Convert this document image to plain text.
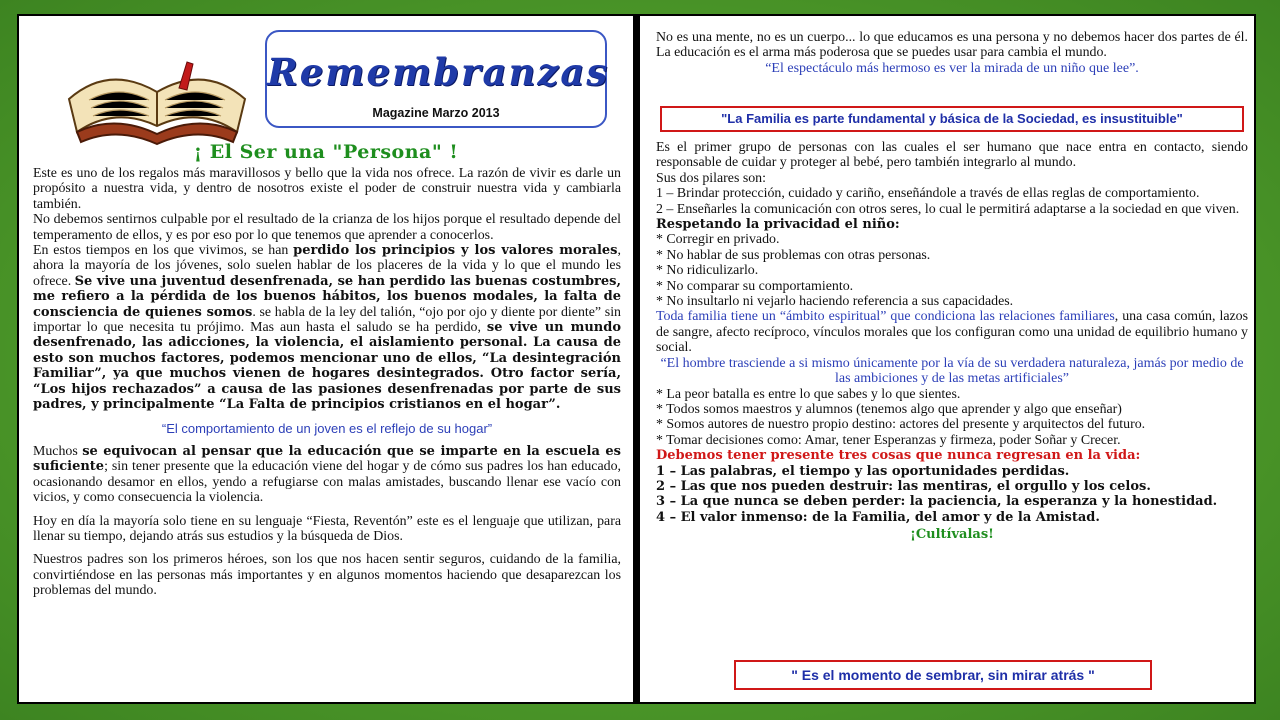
Remembranzas
Magazine Marzo 2013
¡ El Ser una "Persona" !

Este es uno de los regalos más maravillosos y bello que la vida nos ofrece. La razón de vivir es darle un propósito a nuestra vida, y dentro de nosotros existe el poder de construir nuestra vida y cambiarla también.

No debemos sentirnos culpable por el resultado de la crianza de los hijos porque el resultado depende del temperamento de ellos, y es por eso por lo que tenemos que aprender a conocerlos.

En estos tiempos en los que vivimos, se han perdido los principios y los valores morales, ahora la mayoría de los jóvenes, solo suelen hablar de los placeres de la vida y lo que el mundo les ofrece. Se vive una juventud desenfrenada, se han perdido las buenas costumbres, me refiero a la pérdida de los buenos hábitos, los buenos modales, la falta de consciencia de quienes somos. se habla de la ley del talión, “ojo por ojo y diente por diente” sin importar lo que necesita tu prójimo. Mas aun hasta el saludo se ha perdido, se vive un mundo desenfrenado, las adicciones, la violencia, el aislamiento personal. La causa de esto son muchos factores, podemos mencionar uno de ellos, “La desintegración Familiar”, ya que muchos vienen de hogares desintegrados. Otro factor sería, “Los hijos rechazados” a causa de las pasiones desenfrenadas por parte de sus padres, y principalmente “La Falta de principios cristianos en el hogar”.

“El comportamiento de un joven es el reflejo de su hogar”

Muchos se equivocan al pensar que la educación que se imparte en la escuela es suficiente; sin tener presente que la educación viene del hogar y de cómo sus padres los han educado, ocasionando desamor en ellos, yendo a refugiarse con malas amistades, buscando llenar ese vacío con vicios, y como consecuencia la violencia.

Hoy en día la mayoría solo tiene en su lenguaje “Fiesta, Reventón” este es el lenguaje que utilizan, para llenar su tiempo, dejando atrás sus estudios y la búsqueda de Dios.

Nuestros padres son los primeros héroes, son los que nos hacen sentir seguros, cuidando de la familia, convirtiéndose en las personas más importantes y en algunos momentos haciendo que desaparezcan los problemas del mundo.

No es una mente, no es un cuerpo... lo que educamos es una persona y no debemos hacer dos partes de él. La educación es el arma más poderosa que se puedes usar para cambia el mundo.

“El espectáculo más hermoso es ver la mirada de un niño que lee”.

"La Familia es parte fundamental y básica de la Sociedad, es insustituible"

Es el primer grupo de personas con las cuales el ser humano que nace entra en contacto, siendo responsable de cuidar y proteger al bebé, pero también integrarlo al mundo.

Sus dos pilares son:

1 – Brindar protección, cuidado y cariño, enseñándole a través de ellas reglas de comportamiento.

2 – Enseñarles la comunicación con otros seres, lo cual le permitirá adaptarse a la sociedad en que viven.

Respetando la privacidad el niño:

* Corregir en privado.

* No hablar de sus problemas con otras personas.

* No ridiculizarlo.

* No comparar su comportamiento.

* No insultarlo ni vejarlo haciendo referencia a sus capacidades.

Toda familia tiene un “ámbito espiritual” que condiciona las relaciones familiares, una casa común, lazos de sangre, afecto recíproco, vínculos morales que los configuran como una unidad de equilibrio humano y social.

“El hombre trasciende a si mismo únicamente por la vía de su verdadera naturaleza, jamás por medio de las ambiciones y de las metas artificiales”

* La peor batalla es entre lo que sabes y lo que sientes.

* Todos somos maestros y alumnos (tenemos algo que aprender y algo que enseñar)

* Somos autores de nuestro propio destino: actores del presente y arquitectos del futuro.

* Tomar decisiones como: Amar, tener Esperanzas y firmeza, poder Soñar y Crecer.

Debemos tener presente tres cosas que nunca regresan en la vida:

1 – Las palabras, el tiempo y las oportunidades perdidas.

2 – Las que nos pueden destruir: las mentiras, el orgullo y los celos.

3 – La que nunca se deben perder: la paciencia, la esperanza y la honestidad.

4 – El valor inmenso: de la Familia, del amor y de la Amistad.

¡Cultívalas!

" Es el momento de sembrar, sin mirar atrás "
